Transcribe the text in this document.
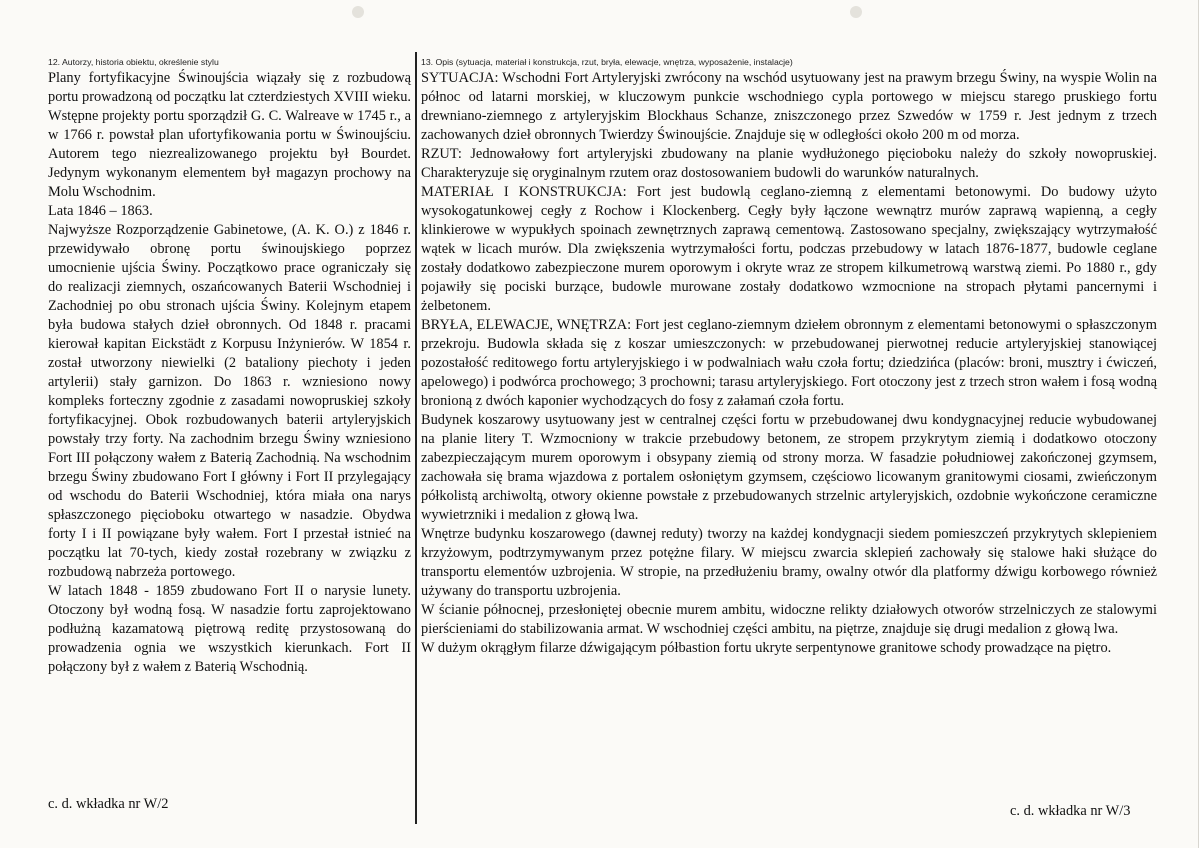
12. Autorzy, historia obiektu, określenie stylu

Plany fortyfikacyjne Świnoujścia wiązały się z rozbudową portu prowadzoną od początku lat czterdziestych XVIII wieku. Wstępne projekty portu sporządził G. C. Walreave w 1745 r., a w 1766 r. powstał plan ufortyfikowania portu w Świnoujściu. Autorem tego niezrealizowanego projektu był Bourdet. Jedynym wykonanym elementem był magazyn prochowy na Molu Wschodnim.

Lata 1846 – 1863.

Najwyższe Rozporządzenie Gabinetowe, (A. K. O.) z 1846 r. przewidywało obronę portu świnoujskiego poprzez umocnienie ujścia Świny. Początkowo prace ograniczały się do realizacji ziemnych, oszańcowanych Baterii Wschodniej i Zachodniej po obu stronach ujścia Świny. Kolejnym etapem była budowa stałych dzieł obronnych. Od 1848 r. pracami kierował kapitan Eickstädt z Korpusu Inżynierów. W 1854 r. został utworzony niewielki (2 bataliony piechoty i jeden artylerii) stały garnizon. Do 1863 r. wzniesiono nowy kompleks forteczny zgodnie z zasadami nowopruskiej szkoły fortyfikacyjnej. Obok rozbudowanych baterii artyleryjskich powstały trzy forty. Na zachodnim brzegu Świny wzniesiono Fort III połączony wałem z Baterią Zachodnią. Na wschodnim brzegu Świny zbudowano Fort I główny i Fort II przylegający od wschodu do Baterii Wschodniej, która miała ona narys spłaszczonego pięcioboku otwartego w nasadzie. Obydwa forty I i II powiązane były wałem. Fort I przestał istnieć na początku lat 70-tych, kiedy został rozebrany w związku z rozbudową nabrzeża portowego.

W latach 1848 - 1859 zbudowano Fort II o narysie lunety. Otoczony był wodną fosą. W nasadzie fortu zaprojektowano podłużną kazamatową piętrową reditę przystosowaną do prowadzenia ognia we wszystkich kierunkach. Fort II połączony był z wałem z Baterią Wschodnią.

13. Opis (sytuacja, materiał i konstrukcja, rzut, bryła, elewacje, wnętrza, wyposażenie, instalacje)

SYTUACJA: Wschodni Fort Artyleryjski zwrócony na wschód usytuowany jest na prawym brzegu Świny, na wyspie Wolin na północ od latarni morskiej, w kluczowym punkcie wschodniego cypla portowego w miejscu starego pruskiego fortu drewniano-ziemnego z artyleryjskim Blockhaus Schanze, zniszczonego przez Szwedów w 1759 r. Jest jednym z trzech zachowanych dzieł obronnych Twierdzy Świnoujście. Znajduje się w odległości około 200 m od morza.

RZUT: Jednowałowy fort artyleryjski zbudowany na planie wydłużonego pięcioboku należy do szkoły nowopruskiej. Charakteryzuje się oryginalnym rzutem oraz dostosowaniem budowli do warunków naturalnych.

MATERIAŁ I KONSTRUKCJA: Fort jest budowlą ceglano-ziemną z elementami betonowymi. Do budowy użyto wysokogatunkowej cegły z Rochow i Klockenberg. Cegły były łączone wewnątrz murów zaprawą wapienną, a cegły klinkierowe w wypukłych spoinach zewnętrznych zaprawą cementową. Zastosowano specjalny, zwiększający wytrzymałość wątek w licach murów. Dla zwiększenia wytrzymałości fortu, podczas przebudowy w latach 1876-1877, budowle ceglane zostały dodatkowo zabezpieczone murem oporowym i okryte wraz ze stropem kilkumetrową warstwą ziemi. Po 1880 r., gdy pojawiły się pociski burzące, budowle murowane zostały dodatkowo wzmocnione na stropach płytami pancernymi i żelbetonem.

BRYŁA, ELEWACJE, WNĘTRZA: Fort jest ceglano-ziemnym dziełem obronnym z elementami betonowymi o spłaszczonym przekroju. Budowla składa się z koszar umieszczonych: w przebudowanej pierwotnej reducie artyleryjskiej stanowiącej pozostałość reditowego fortu artyleryjskiego i w podwalniach wału czoła fortu; dziedzińca (placów: broni, musztry i ćwiczeń, apelowego) i podwórca prochowego; 3 prochowni; tarasu artyleryjskiego. Fort otoczony jest z trzech stron wałem i fosą wodną bronioną z dwóch kaponier wychodzących do fosy z załamań czoła fortu.

Budynek koszarowy usytuowany jest w centralnej części fortu w przebudowanej dwu kondygnacyjnej reducie wybudowanej na planie litery T. Wzmocniony w trakcie przebudowy betonem, ze stropem przykrytym ziemią i dodatkowo otoczony zabezpieczającym murem oporowym i obsypany ziemią od strony morza. W fasadzie południowej zakończonej gzymsem, zachowała się brama wjazdowa z portalem osłoniętym gzymsem, częściowo licowanym granitowymi ciosami, zwieńczonym półkolistą archiwoltą, otwory okienne powstałe z przebudowanych strzelnic artyleryjskich, ozdobnie wykończone ceramiczne wywietrzniki i medalion z głową lwa.

Wnętrze budynku koszarowego (dawnej reduty) tworzy na każdej kondygnacji siedem pomieszczeń przykrytych sklepieniem krzyżowym, podtrzymywanym przez potężne filary. W miejscu zwarcia sklepień zachowały się stalowe haki służące do transportu elementów uzbrojenia. W stropie, na przedłużeniu bramy, owalny otwór dla platformy dźwigu korbowego również używany do transportu uzbrojenia.

W ścianie północnej, przesłoniętej obecnie murem ambitu, widoczne relikty działowych otworów strzelniczych ze stalowymi pierścieniami do stabilizowania armat. W wschodniej części ambitu, na piętrze, znajduje się drugi medalion z głową lwa.

W dużym okrągłym filarze dźwigającym półbastion fortu ukryte serpentynowe granitowe schody prowadzące na piętro.

c. d. wkładka nr W/2	c. d. wkładka nr W/3
